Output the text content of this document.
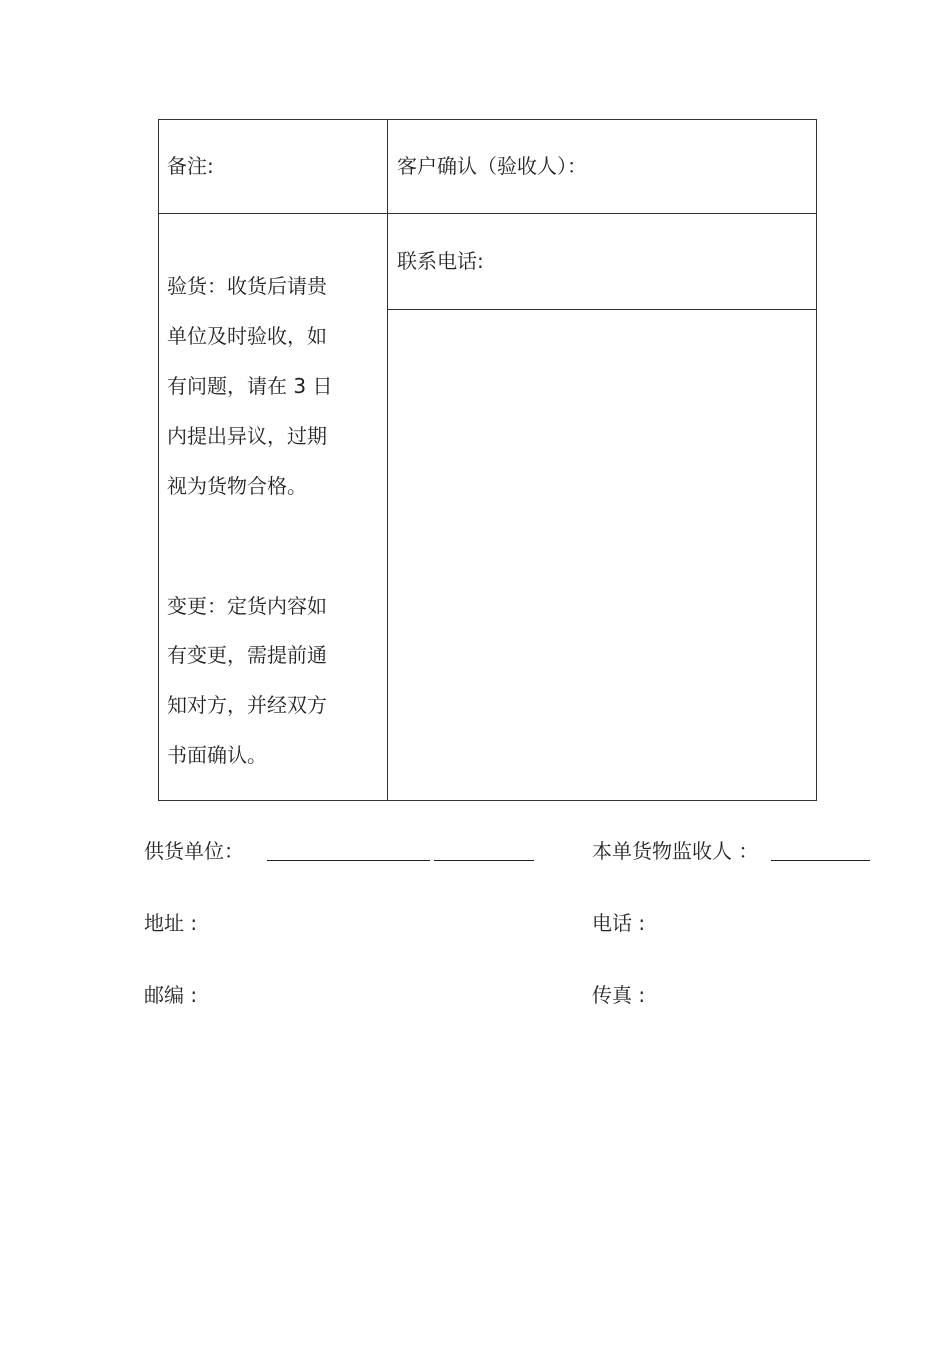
备注:	客户确认（验收人）：
联系电话:
验货：收货后请贵
单位及时验收，如
有问题，请在 3 日
内提出异议，过期
视为货物合格。
变更：定货内容如
有变更，需提前通
知对方，并经双方
书面确认。
供货单位：	本单货物监收人 ：
地址 :	电话 :
邮编 :	传真 :
